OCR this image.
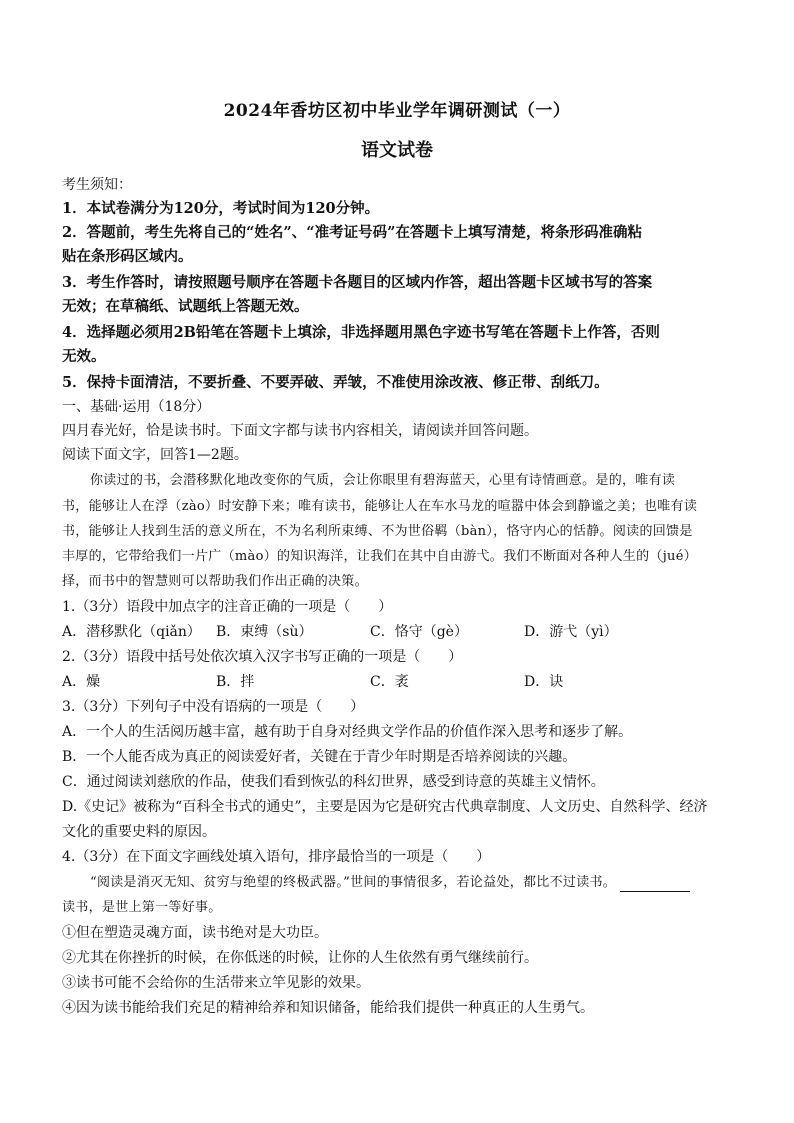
2024年香坊区初中毕业学年调研测试（一）
语文试卷
考生须知：
1．本试卷满分为120分，考试时间为120分钟。
2．答题前，考生先将自己的“姓名”、“准考证号码”在答题卡上填写清楚，将条形码准确粘
贴在条形码区域内。
3．考生作答时，请按照题号顺序在答题卡各题目的区域内作答，超出答题卡区域书写的答案
无效；在草稿纸、试题纸上答题无效。
4．选择题必须用2B铅笔在答题卡上填涂，非选择题用黑色字迹书写笔在答题卡上作答，否则
无效。
5．保持卡面清洁，不要折叠、不要弄破、弄皱，不准使用涂改液、修正带、刮纸刀。
一、基础·运用（18分）
四月春光好，恰是读书时。下面文字都与读书内容相关，请阅读并回答问题。
阅读下面文字，回答1—2题。
你读过的书，会潜移默化地改变你的气质，会让你眼里有碧海蓝天，心里有诗情画意。是的，唯有读
书，能够让人在浮（zào）时安静下来；唯有读书，能够让人在车水马龙的喧嚣中体会到静谧之美；也唯有读
书，能够让人找到生活的意义所在，不为名利所束缚、不为世俗羁（bàn），恪守内心的恬静。阅读的回馈是
丰厚的，它带给我们一片广（mào）的知识海洋，让我们在其中自由游弋。我们不断面对各种人生的（jué）
择，而书中的智慧则可以帮助我们作出正确的决策。
1.（3分）语段中加点字的注音正确的一项是（　　）
A．潜移默化（qiǎn） B．束缚（sù）	C．恪守（gè）	D．游弋（yì）
2.（3分）语段中括号处依次填入汉字书写正确的一项是（　　）
A．燥	B．拌	C．袤	D．诀
3.（3分）下列句子中没有语病的一项是（　　）
A．一个人的生活阅历越丰富，越有助于自身对经典文学作品的价值作深入思考和逐步了解。
B．一个人能否成为真正的阅读爱好者，关键在于青少年时期是否培养阅读的兴趣。
C．通过阅读刘慈欣的作品，使我们看到恢弘的科幻世界，感受到诗意的英雄主义情怀。
D.《史记》被称为“百科全书式的通史”，主要是因为它是研究古代典章制度、人文历史、自然科学、经济
文化的重要史料的原因。
4.（3分）在下面文字画线处填入语句，排序最恰当的一项是（　　）
“阅读是消灭无知、贫穷与绝望的终极武器。”世间的事情很多，若论益处，都比不过读书。
读书，是世上第一等好事。
①但在塑造灵魂方面，读书绝对是大功臣。
②尤其在你挫折的时候，在你低迷的时候，让你的人生依然有勇气继续前行。
③读书可能不会给你的生活带来立竿见影的效果。
④因为读书能给我们充足的精神给养和知识储备，能给我们提供一种真正的人生勇气。
